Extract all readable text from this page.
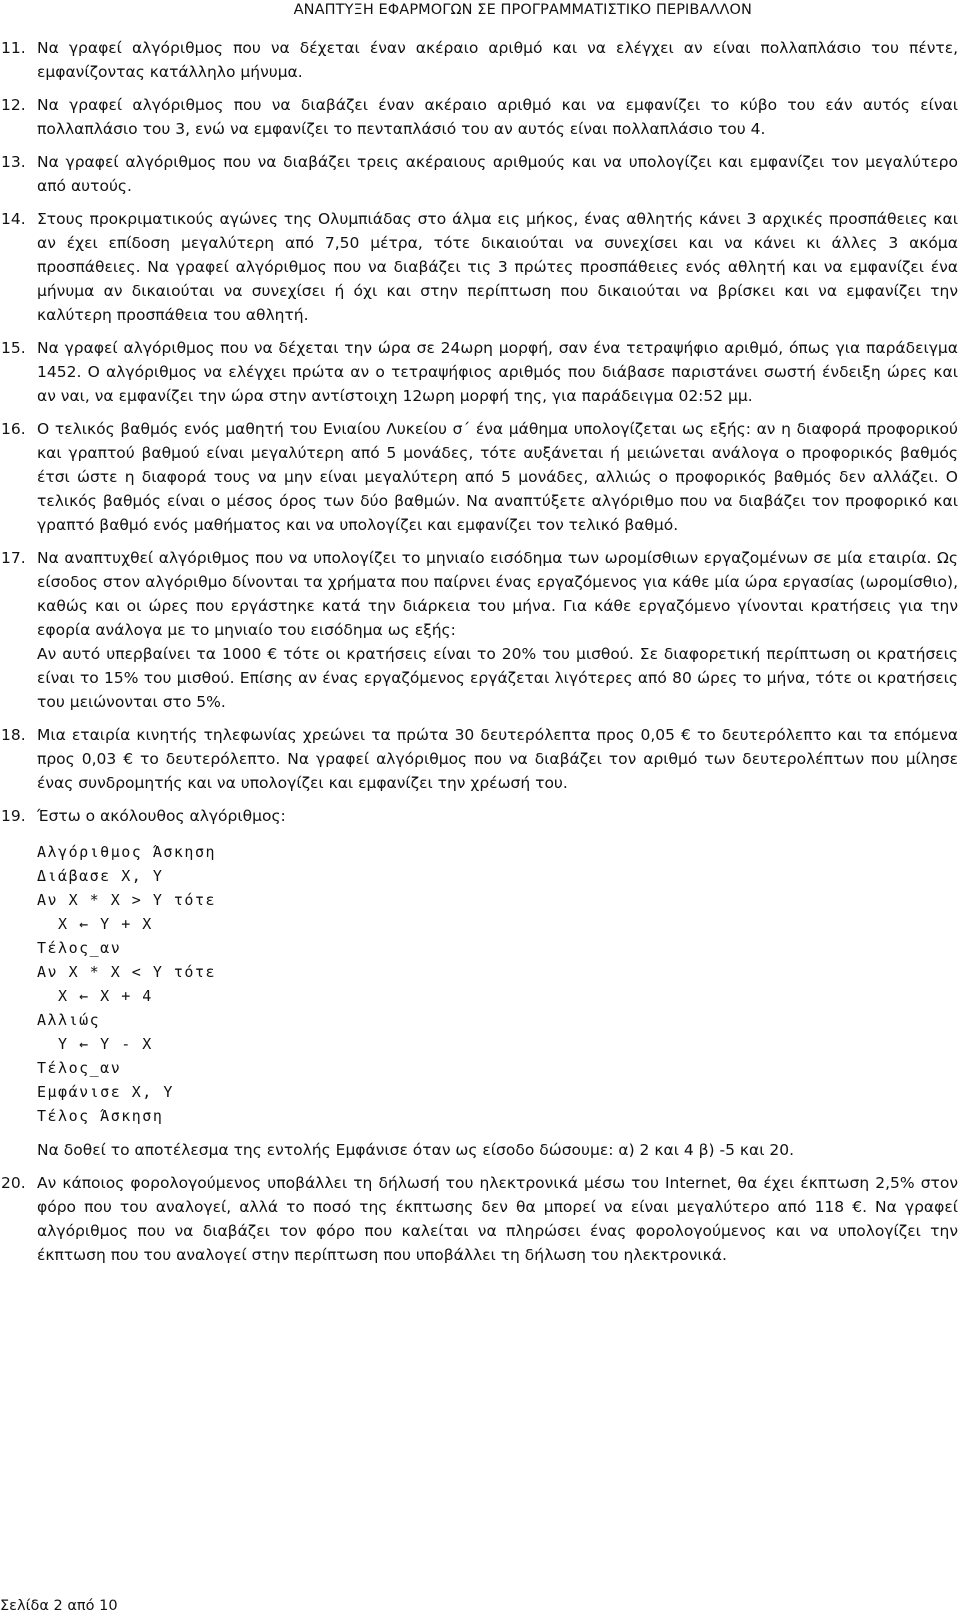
ΑΝΑΠΤΥΞΗ ΕΦΑΡΜΟΓΩΝ ΣΕ ΠΡΟΓΡΑΜΜΑΤΙΣΤΙΚΟ ΠΕΡΙΒΑΛΛΟΝ
11. Να γραφεί αλγόριθμος που να δέχεται έναν ακέραιο αριθμό και να ελέγχει αν είναι πολλαπλάσιο του πέντε, εμφανίζοντας κατάλληλο μήνυμα.
12. Να γραφεί αλγόριθμος που να διαβάζει έναν ακέραιο αριθμό και να εμφανίζει το κύβο του εάν αυτός είναι πολλαπλάσιο του 3, ενώ να εμφανίζει το πενταπλάσιό του αν αυτός είναι πολλαπλάσιο του 4.
13. Να γραφεί αλγόριθμος που να διαβάζει τρεις ακέραιους αριθμούς και να υπολογίζει και εμφανίζει τον μεγαλύτερο από αυτούς.
14. Στους προκριματικούς αγώνες της Ολυμπιάδας στο άλμα εις μήκος, ένας αθλητής κάνει 3 αρχικές προσπάθειες και αν έχει επίδοση μεγαλύτερη από 7,50 μέτρα, τότε δικαιούται να συνεχίσει και να κάνει κι άλλες 3 ακόμα προσπάθειες. Να γραφεί αλγόριθμος που να διαβάζει τις 3 πρώτες προσπάθειες ενός αθλητή και να εμφανίζει ένα μήνυμα αν δικαιούται να συνεχίσει ή όχι και στην περίπτωση που δικαιούται να βρίσκει και να εμφανίζει την καλύτερη προσπάθεια του αθλητή.
15. Να γραφεί αλγόριθμος που να δέχεται την ώρα σε 24ωρη μορφή, σαν ένα τετραψήφιο αριθμό, όπως για παράδειγμα 1452. Ο αλγόριθμος να ελέγχει πρώτα αν ο τετραψήφιος αριθμός που διάβασε παριστάνει σωστή ένδειξη ώρες και αν ναι, να εμφανίζει την ώρα στην αντίστοιχη 12ωρη μορφή της, για παράδειγμα 02:52 μμ.
16. Ο τελικός βαθμός ενός μαθητή του Ενιαίου Λυκείου σ΄ ένα μάθημα υπολογίζεται ως εξής: αν η διαφορά προφορικού και γραπτού βαθμού είναι μεγαλύτερη από 5 μονάδες, τότε αυξάνεται ή μειώνεται ανάλογα ο προφορικός βαθμός έτσι ώστε η διαφορά τους να μην είναι μεγαλύτερη από 5 μονάδες, αλλιώς ο προφορικός βαθμός δεν αλλάζει. Ο τελικός βαθμός είναι ο μέσος όρος των δύο βαθμών. Να αναπτύξετε αλγόριθμο που να διαβάζει τον προφορικό και γραπτό βαθμό ενός μαθήματος και να υπολογίζει και εμφανίζει τον τελικό βαθμό.
17. Να αναπτυχθεί αλγόριθμος που να υπολογίζει το μηνιαίο εισόδημα των ωρομίσθιων εργαζομένων σε μία εταιρία. Ως είσοδος στον αλγόριθμο δίνονται τα χρήματα που παίρνει ένας εργαζόμενος για κάθε μία ώρα εργασίας (ωρομίσθιο), καθώς και οι ώρες που εργάστηκε κατά την διάρκεια του μήνα. Για κάθε εργαζόμενο γίνονται κρατήσεις για την εφορία ανάλογα με το μηνιαίο του εισόδημα ως εξής:
Αν αυτό υπερβαίνει τα 1000 € τότε οι κρατήσεις είναι το 20% του μισθού. Σε διαφορετική περίπτωση οι κρατήσεις είναι το 15% του μισθού. Επίσης αν ένας εργαζόμενος εργάζεται λιγότερες από 80 ώρες το μήνα, τότε οι κρατήσεις του μειώνονται στο 5%.
18. Μια εταιρία κινητής τηλεφωνίας χρεώνει τα πρώτα 30 δευτερόλεπτα προς 0,05 € το δευτερόλεπτο και τα επόμενα προς 0,03 € το δευτερόλεπτο. Να γραφεί αλγόριθμος που να διαβάζει τον αριθμό των δευτερολέπτων που μίλησε ένας συνδρομητής και να υπολογίζει και εμφανίζει την χρέωσή του.
19. Έστω ο ακόλουθος αλγόριθμος:
Αλγόριθμος Άσκηση
Διάβασε Χ, Υ
Αν Χ * Χ > Υ τότε
Χ ← Υ + Χ
Τέλος_αν
Αν Χ * Χ < Υ τότε
Χ ← Χ + 4
Αλλιώς
Υ ← Υ - Χ
Τέλος_αν
Εμφάνισε Χ, Υ
Τέλος Άσκηση
Να δοθεί το αποτέλεσμα της εντολής Εμφάνισε όταν ως είσοδο δώσουμε: α) 2 και 4 β) -5 και 20.
20. Αν κάποιος φορολογούμενος υποβάλλει τη δήλωσή του ηλεκτρονικά μέσω του Internet, θα έχει έκπτωση 2,5% στον φόρο που του αναλογεί, αλλά το ποσό της έκπτωσης δεν θα μπορεί να είναι μεγαλύτερο από 118 €. Να γραφεί αλγόριθμος που να διαβάζει τον φόρο που καλείται να πληρώσει ένας φορολογούμενος και να υπολογίζει την έκπτωση που του αναλογεί στην περίπτωση που υποβάλλει τη δήλωση του ηλεκτρονικά.
Σελίδα 2 από 10
